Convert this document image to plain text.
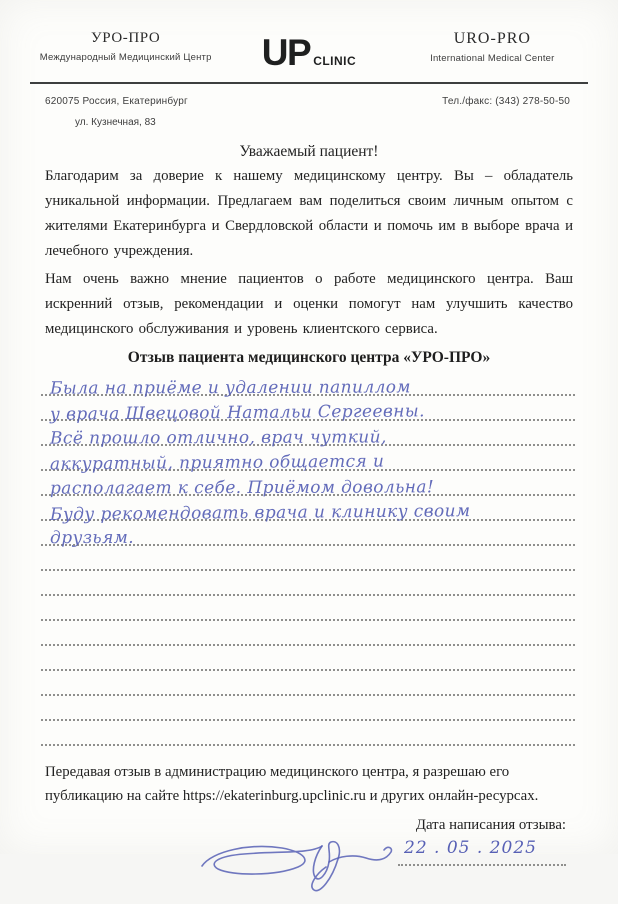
УРО-ПРО
Международный Медицинский Центр	UP CLINIC
URO-PRO
International Medical Center
620075 Россия, Екатеринбург	Тел./факс: (343) 278-50-50
ул. Кузнечная, 83
Уважаемый пациент!

Благодарим за доверие к нашему медицинскому центру. Вы – обладатель уникальной информации. Предлагаем вам поделиться своим личным опытом с жителями Екатеринбурга и Свердловской области и помочь им в выборе врача и лечебного учреждения.

Нам очень важно мнение пациентов о работе медицинского центра. Ваш искренний отзыв, рекомендации и оценки помогут нам улучшить качество медицинского обслуживания и уровень клиентского сервиса.

Отзыв пациента медицинского центра «УРО-ПРО»
Была на приёме и удалении папиллом
у врача Швецовой Натальи Сергеевны.
Всё прошло отлично, врач чуткий,
аккуратный, приятно общается и
располагает к себе. Приёмом довольна!
Буду рекомендовать врача и клинику своим
друзьям.

Передавая отзыв в администрацию медицинского центра, я разрешаю его публикацию на сайте https://ekaterinburg.upclinic.ru и других онлайн-ресурсах.

Дата написания отзыва:
22 . 05 . 2025
